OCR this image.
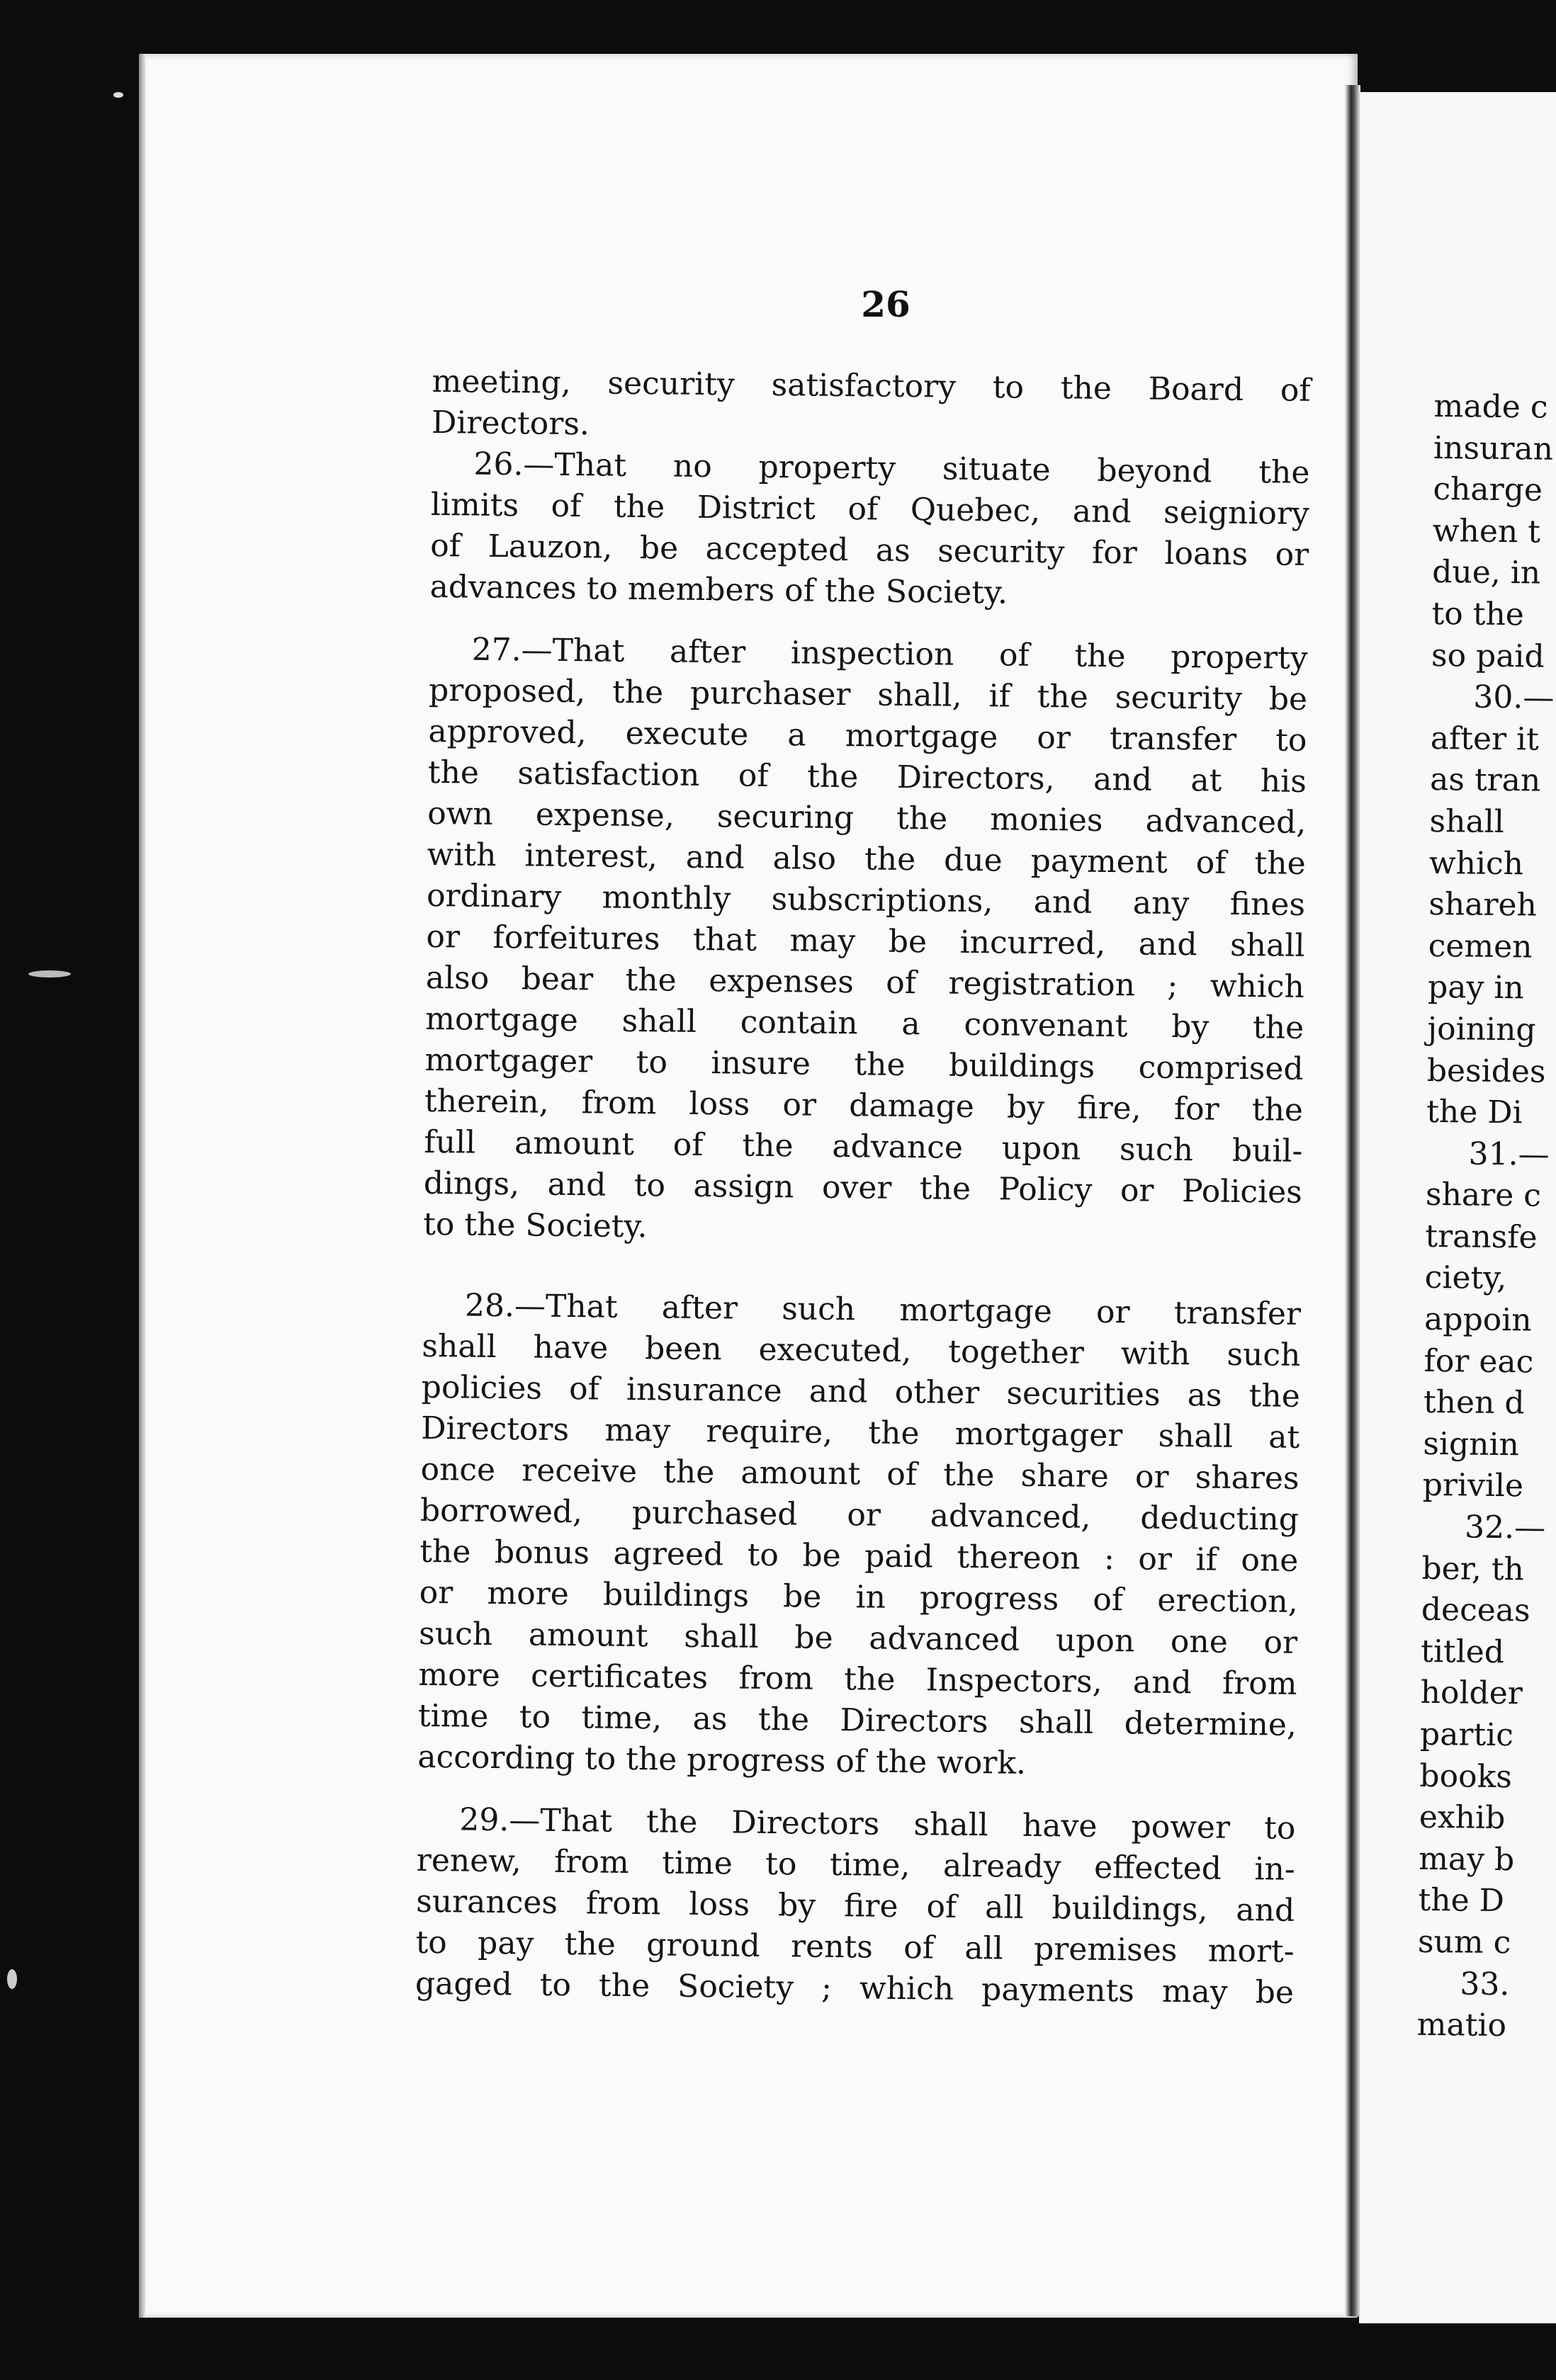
26
meeting, security satisfactory to the Board of
Directors.
26.—That no property situate beyond the
limits of the District of Quebec, and seigniory
of Lauzon, be accepted as security for loans or
advances to members of the Society.
27.—That after inspection of the property
proposed, the purchaser shall, if the security be
approved, execute a mortgage or transfer to
the satisfaction of the Directors, and at his
own expense, securing the monies advanced,
with interest, and also the due payment of the
ordinary monthly subscriptions, and any fines
or forfeitures that may be incurred, and shall
also bear the expenses of registration ; which
mortgage shall contain a convenant by the
mortgager to insure the buildings comprised
therein, from loss or damage by fire, for the
full amount of the advance upon such buil-
dings, and to assign over the Policy or Policies
to the Society.
28.—That after such mortgage or transfer
shall have been executed, together with such
policies of insurance and other securities as the
Directors may require, the mortgager shall at
once receive the amount of the share or shares
borrowed, purchased or advanced, deducting
the bonus agreed to be paid thereon : or if one
or more buildings be in progress of erection,
such amount shall be advanced upon one or
more certificates from the Inspectors, and from
time to time, as the Directors shall determine,
according to the progress of the work.
29.—That the Directors shall have power to
renew, from time to time, already effected in-
surances from loss by fire of all buildings, and
to pay the ground rents of all premises mort-
gaged to the Society ; which payments may be
made c
insuran
charge
when t
due, in
to the
so paid
30.—
after it
as tran
shall
which
shareh
cemen
pay in
joining
besides
the Di
31.—
share c
transfe
ciety,
appoin
for eac
then d
signin
privile
32.—
ber, th
deceas
titled
holder
partic
books
exhib
may b
the D
sum c
33.
matio
